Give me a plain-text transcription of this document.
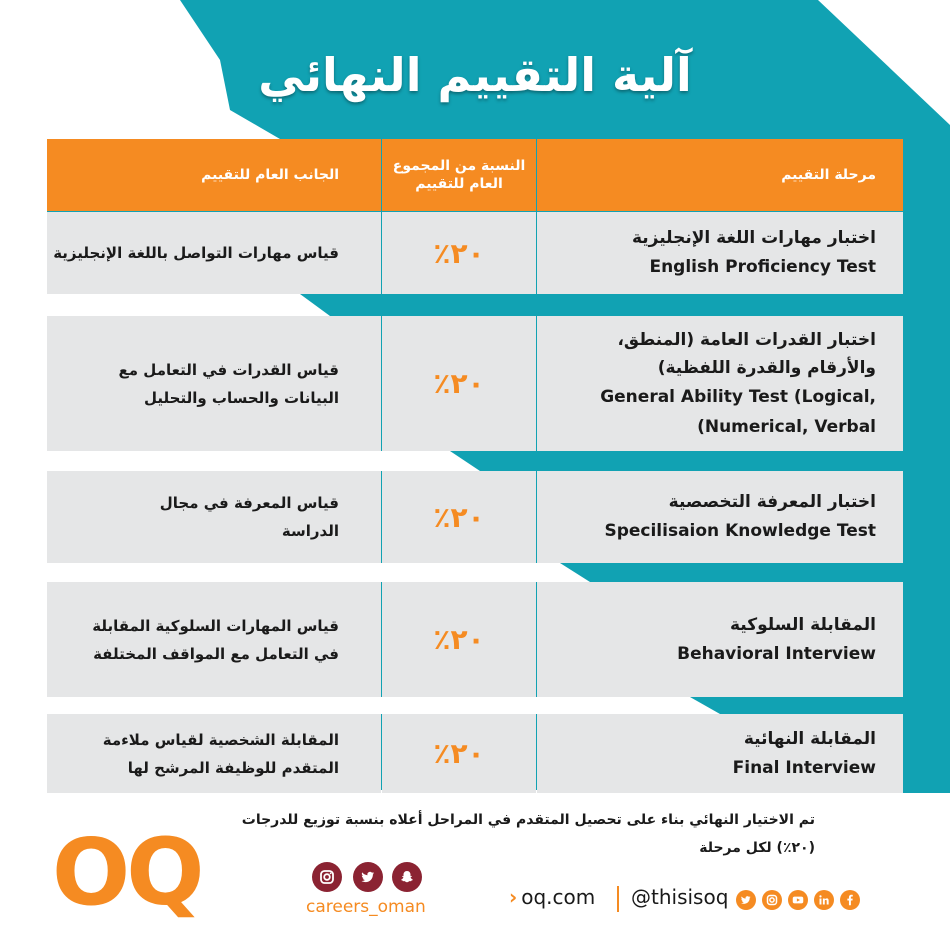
آلية التقييم النهائي
مرحلة التقييم
النسبة من المجموع العام للتقييم
الجانب العام للتقييم
اختبار مهارات اللغة الإنجليزية
English Proficiency Test
٢٠٪
قياس مهارات التواصل باللغة الإنجليزية
اختبار القدرات العامة (المنطق، والأرقام والقدرة اللفظية)
General Ability Test (Logical, (Numerical, Verbal
٢٠٪
قياس القدرات في التعامل مع البيانات والحساب والتحليل
اختبار المعرفة التخصصية
Specilisaion Knowledge Test
٢٠٪
قياس المعرفة في مجال الدراسة
المقابلة السلوكية
Behavioral Interview
٢٠٪
قياس المهارات السلوكية المقابلة في التعامل مع المواقف المختلفة
المقابلة النهائية
Final Interview
٢٠٪
المقابلة الشخصية لقياس ملاءمة المتقدم للوظيفة المرشح لها
تم الاختيار النهائي بناء على تحصيل المتقدم في المراحل أعلاه بنسبة توزيع للدرجات (٢٠٪) لكل مرحلة
OQ	careers_oman	› oq.com @thisisoq
